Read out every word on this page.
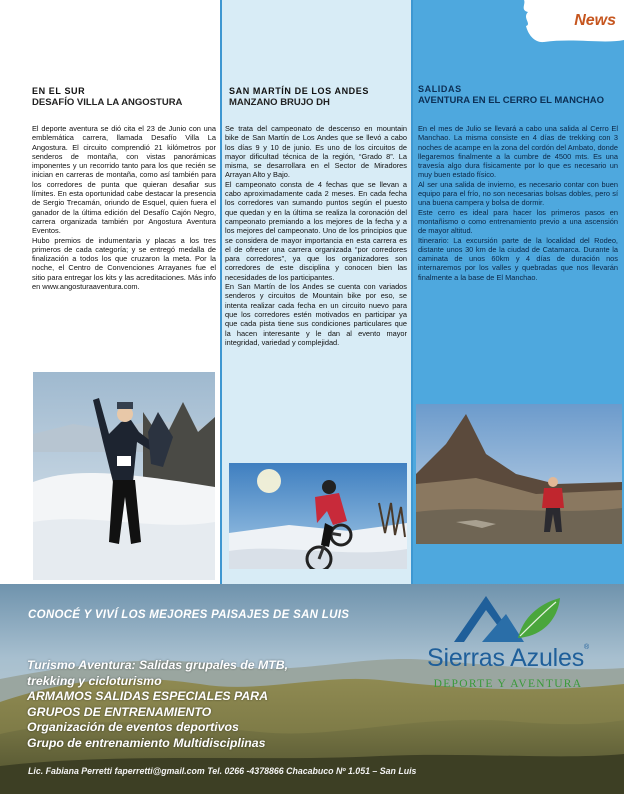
EN EL SUR
DESAFÍO VILLA LA ANGOSTURA

El deporte aventura se dió cita el 23 de Junio con una emblemática carrera, llamada Desafío Villa La Angostura. El circuito comprendió 21 kilómetros por senderos de montaña, con vistas panorámicas imponentes y un recorrido tanto para los que recién se inician en carreras de montaña, como así también para los corredores de punta que quieran desafiar sus límites. En esta oportunidad cabe destacar la presencia de Sergio Trecamán, oriundo de Esquel, quien fuera el ganador de la última edición del Desafío Cajón Negro, carrera organizada también por Angostura Aventura Eventos.

Hubo premios de indumentaria y placas a los tres primeros de cada categoría; y se entregó medalla de finalización a todos los que cruzaron la meta. Por la noche, el Centro de Convenciones Arrayanes fue el sitio para entregar los kits y las acreditaciones. Más info en www.angosturaaventura.com.

SAN MARTÍN DE LOS ANDES
MANZANO BRUJO DH

Se trata del campeonato de descenso en mountain bike de San Martín de Los Andes que se llevó a cabo los días 9 y 10 de junio. Es uno de los circuitos de mayor dificultad técnica de la región, “Grado 8”. La misma, se desarrollara en el Sector de Miradores Arrayan Alto y Bajo.

El campeonato consta de 4 fechas que se llevan a cabo aproximadamente cada 2 meses. En cada fecha los corredores van sumando puntos según el puesto que quedan y en la última se realiza la coronación del campeonato premiando a los mejores de la fecha y a los mejores del campeonato. Uno de los principios que se considera de mayor importancia en esta carrera es el de ofrecer una carrera organizada “por corredores para corredores”, ya que los organizadores son corredores de este disciplina y conocen bien las necesidades de los participantes.

En San Martín de los Andes se cuenta con variados senderos y circuitos de Mountain bike por eso, se intenta realizar cada fecha en un circuito nuevo para que los corredores estén motivados en participar ya que cada pista tiene sus condiciones particulares que la hacen interesante y le dan al evento mayor integridad, variedad y complejidad.

SALIDAS
AVENTURA EN EL CERRO EL MANCHAO

En el mes de Julio se llevará a cabo una salida al Cerro El Manchao. La misma consiste en 4 días de trekking con 3 noches de acampe en la zona del cordón del Ambato, donde llegaremos finalmente a la cumbre de 4500 mts. Es una travesía algo dura físicamente por lo que es necesario un muy buen estado físico.

Al ser una salida de invierno, es necesario contar con buen equipo para el frío, no son necesarias bolsas dobles, pero sí una buena campera y bolsa de dormir.

Este cerro es ideal para hacer los primeros pasos en montañismo o como entrenamiento previo a una ascensión de mayor altitud.

Itinerario: La excursión parte de la localidad del Rodeo, distante unos 30 km de la ciudad de Catamarca. Durante la caminata de unos 60km y 4 días de duración nos internaremos por los valles y quebradas que nos llevarán finalmente a la base de El Manchao.

News
CONOCÉ Y VIVÍ LOS MEJORES PAISAJES DE SAN LUIS
Turismo Aventura: Salidas grupales de MTB,
trekking y cicloturismo
ARMAMOS SALIDAS ESPECIALES PARA
GRUPOS DE ENTRENAMIENTO
Organización de eventos deportivos
Grupo de entrenamiento Multidisciplinas
Lic. Fabiana Perretti faperretti@gmail.com Tel. 0266 -4378866 Chacabuco Nº 1.051 – San Luis
Sierras Azules®
DEPORTE Y AVENTURA
